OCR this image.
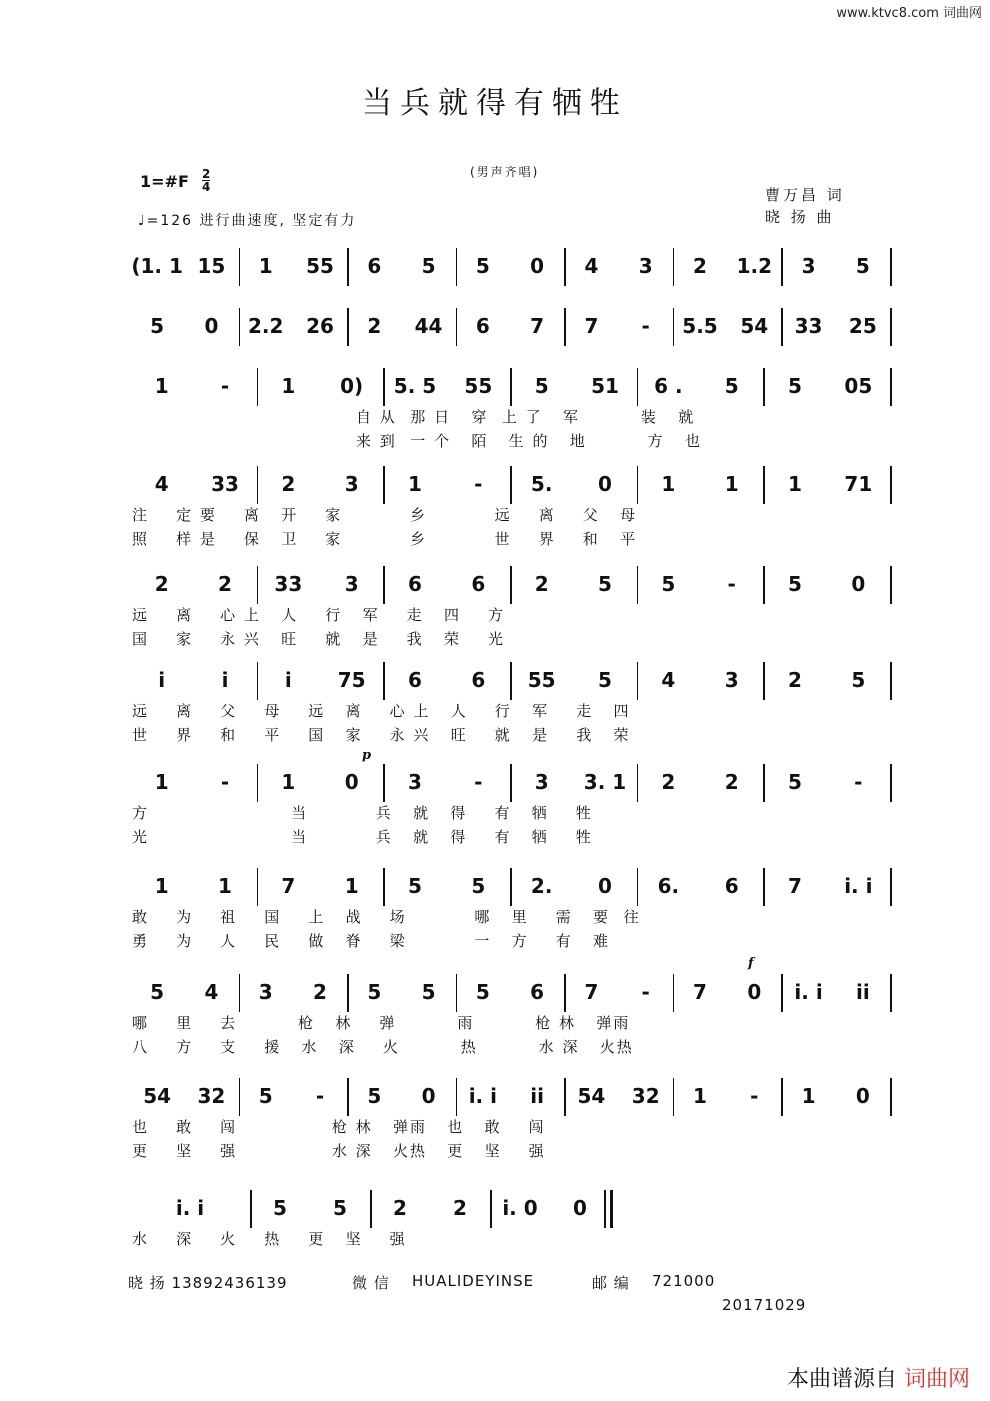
www.ktvc8.com 词曲网
当兵就得有牺牲
(男声齐唱)
1=#F 2
4
♩=126 进行曲速度, 坚定有力
曹万昌 词
晓 扬 曲
(1. 1 15 1 55 6 5 5 0 4 3 2 1.2 3 5
5 0 2.2 26 2 44 6 7 7 - 5.5 54 33 25
1	-	1 0) 5. 5 55 5 51 6 . 5 5 05
自 从  那 日   穿  上 了   军         装   就
来 到  一 个   陌   生 的   地         方   也
4 33 2 3 1	- 5. 0 1 1 1 71
注    定 要    离   开    家          乡          远    离    父   母
照    样 是    保   卫    家          乡          世    界    和   平
2 2 33 3 6 6 2 5 5	-	5 0
远    离    心 上   人    行   军    走   四    方
国    家    永 兴   旺    就   是    我   荣    光
i	i	i 75 6 6 55 5 4 3 2 5
远    离    父    母    远   离    心 上   人    行   军    走   四
世    界    和    平    国   家    永 兴   旺    就   是    我   荣
1	-	1 0 3	-	3 3. 1 2 2 5	-
方                     当          兵   就   得    有   牺    牲
光                     当          兵   就   得    有   牺    牲
1 1 7 1 5 5 2. 0 6. 6 7 i. i
敢    为    祖    国    上   战    场          哪   里    需   要  往
勇    为    人    民    做   脊    梁          一   方    有   难
5 4 3 2 5 5 5 6 7 - 7 0 i. i ii
哪    里    去         枪   林    弹         雨         枪 林   弹雨
八    方    支    援   水   深    火         热         水 深   火热
54 32 5 - 5 0 i. i ii 54 32 1 - 1 0
也    敢    闯              枪 林   弹雨   也   敢    闯
更    坚    强              水 深   火热   更   坚    强
i. i	5 5 2 2 i. 0 0
水    深    火    热    更   坚    强
p
f
晓 扬 13892436139	微 信 HUALIDEYINSE	邮 编 721000
20171029
本曲谱源自 词曲网
